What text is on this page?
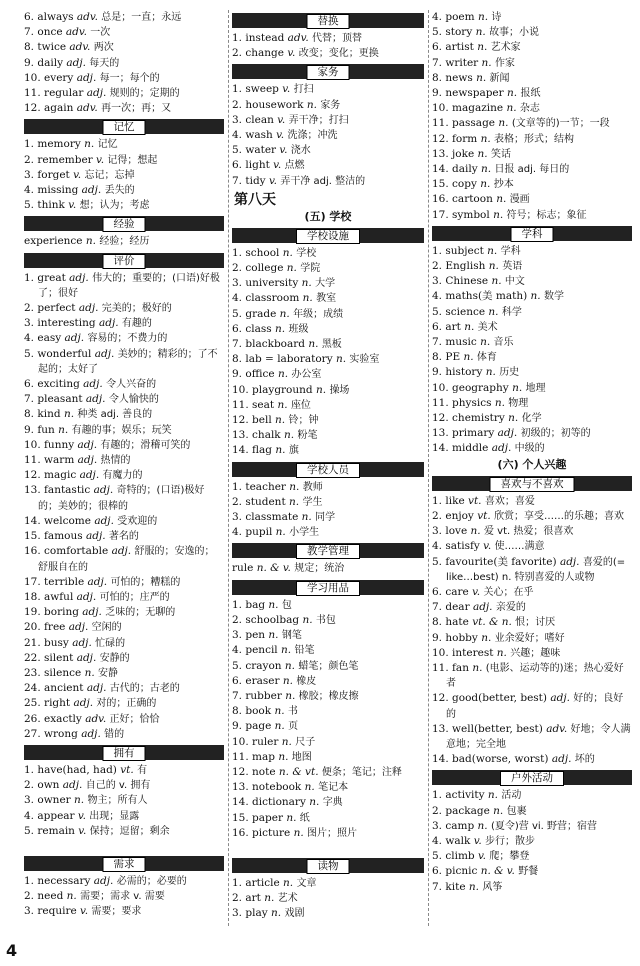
6. always adv. 总是；一直；永远
7. once adv. 一次
8. twice adv. 两次
9. daily adj. 每天的
10. every adj. 每一；每个的
11. regular adj. 规则的；定期的
12. again adv. 再一次；再；又
记忆
1. memory n. 记忆
2. remember v. 记得；想起
3. forget v. 忘记；忘掉
4. missing adj. 丢失的
5. think v. 想；认为；考虑
经验
experience n. 经验；经历
评价
1. great adj. 伟大的；重要的；(口语)好极了；很好
2. perfect adj. 完美的；极好的
3. interesting adj. 有趣的
4. easy adj. 容易的；不费力的
5. wonderful adj. 美妙的；精彩的；了不起的；太好了
6. exciting adj. 令人兴奋的
7. pleasant adj. 令人愉快的
8. kind n. 种类 adj. 善良的
9. fun n. 有趣的事；娱乐；玩笑
10. funny adj. 有趣的；滑稽可笑的
11. warm adj. 热情的
12. magic adj. 有魔力的
13. fantastic adj. 奇特的；(口语)极好的；美妙的；很棒的
14. welcome adj. 受欢迎的
15. famous adj. 著名的
16. comfortable adj. 舒服的；安逸的；舒服自在的
17. terrible adj. 可怕的；糟糕的
18. awful adj. 可怕的；庄严的
19. boring adj. 乏味的；无聊的
20. free adj. 空闲的
21. busy adj. 忙碌的
22. silent adj. 安静的
23. silence n. 安静
24. ancient adj. 古代的；古老的
25. right adj. 对的；正确的
26. exactly adv. 正好；恰恰
27. wrong adj. 错的
拥有
1. have(had, had) vt. 有
2. own adj. 自己的 v. 拥有
3. owner n. 物主；所有人
4. appear v. 出现；显露
5. remain v. 保持；逗留；剩余
需求
1. necessary adj. 必需的；必要的
2. need n. 需要；需求 v. 需要
3. require v. 需要；要求
替换
1. instead adv. 代替；顶替
2. change v. 改变；变化；更换
家务
1. sweep v. 打扫
2. housework n. 家务
3. clean v. 弄干净；打扫
4. wash v. 洗涤；冲洗
5. water v. 浇水
6. light v. 点燃
7. tidy v. 弄干净 adj. 整洁的
第八天
(五) 学校
学校设施
1. school n. 学校
2. college n. 学院
3. university n. 大学
4. classroom n. 教室
5. grade n. 年级；成绩
6. class n. 班级
7. blackboard n. 黑板
8. lab = laboratory n. 实验室
9. office n. 办公室
10. playground n. 操场
11. seat n. 座位
12. bell n. 铃；钟
13. chalk n. 粉笔
14. flag n. 旗
学校人员
1. teacher n. 教师
2. student n. 学生
3. classmate n. 同学
4. pupil n. 小学生
教学管理
rule n. & v. 规定；统治
学习用品
1. bag n. 包
2. schoolbag n. 书包
3. pen n. 钢笔
4. pencil n. 铅笔
5. crayon n. 蜡笔；颜色笔
6. eraser n. 橡皮
7. rubber n. 橡胶；橡皮擦
8. book n. 书
9. page n. 页
10. ruler n. 尺子
11. map n. 地图
12. note n. & vt. 便条；笔记；注释
13. notebook n. 笔记本
14. dictionary n. 字典
15. paper n. 纸
16. picture n. 图片；照片
读物
1. article n. 文章
2. art n. 艺术
3. play n. 戏剧
4. poem n. 诗
5. story n. 故事；小说
6. artist n. 艺术家
7. writer n. 作家
8. news n. 新闻
9. newspaper n. 报纸
10. magazine n. 杂志
11. passage n. (文章等的)一节；一段
12. form n. 表格；形式；结构
13. joke n. 笑话
14. daily n. 日报 adj. 每日的
15. copy n. 抄本
16. cartoon n. 漫画
17. symbol n. 符号；标志；象征
学科
1. subject n. 学科
2. English n. 英语
3. Chinese n. 中文
4. maths(美 math) n. 数学
5. science n. 科学
6. art n. 美术
7. music n. 音乐
8. PE n. 体育
9. history n. 历史
10. geography n. 地理
11. physics n. 物理
12. chemistry n. 化学
13. primary adj. 初级的；初等的
14. middle adj. 中级的
(六) 个人兴趣
喜欢与不喜欢
1. like vt. 喜欢；喜爱
2. enjoy vt. 欣赏；享受……的乐趣；喜欢
3. love n. 爱 vt. 热爱；很喜欢
4. satisfy v. 使……满意
5. favourite(美 favorite) adj. 喜爱的(= like…best) n. 特别喜爱的人或物
6. care v. 关心；在乎
7. dear adj. 亲爱的
8. hate vt. & n. 恨；讨厌
9. hobby n. 业余爱好；嗜好
10. interest n. 兴趣；趣味
11. fan n. (电影、运动等的)迷；热心爱好者
12. good(better, best) adj. 好的；良好的
13. well(better, best) adv. 好地；令人满意地；完全地
14. bad(worse, worst) adj. 坏的
户外活动
1. activity n. 活动
2. package n. 包裹
3. camp n. (夏令)营 vi. 野营；宿营
4. walk v. 步行；散步
5. climb v. 爬；攀登
6. picnic n. & v. 野餐
7. kite n. 风筝
4
